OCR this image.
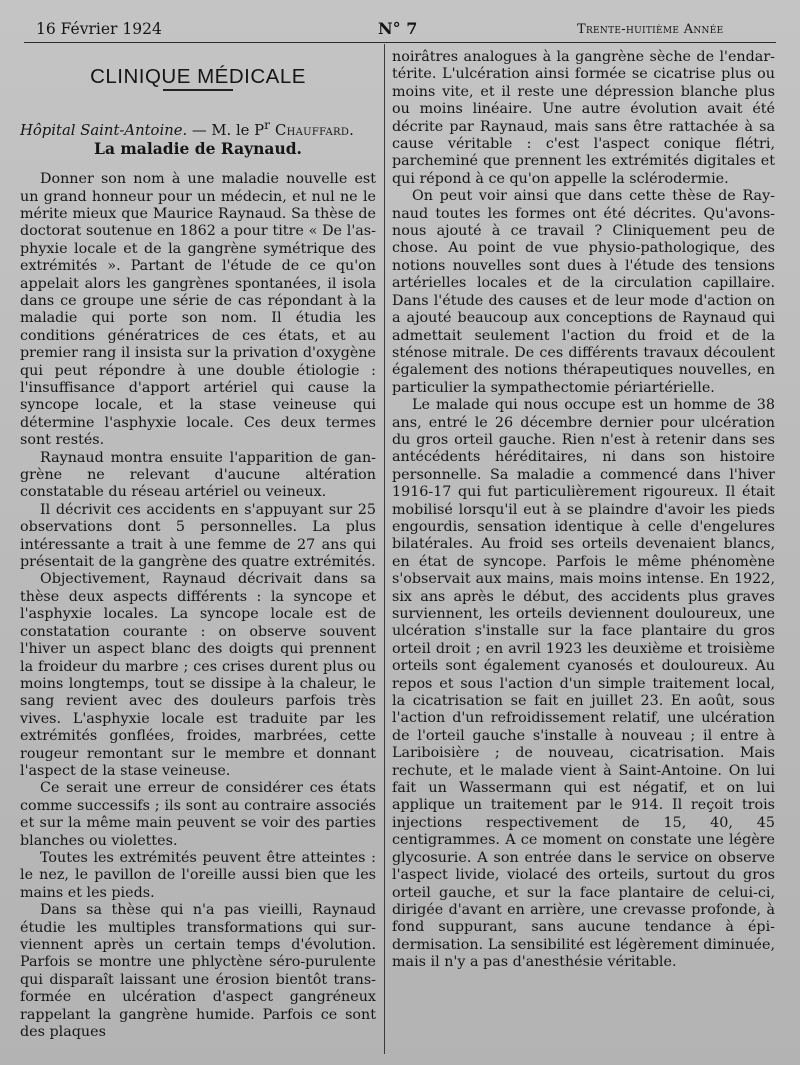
16 Février 1924	N° 7	Trente-huitième Année
CLINIQUE MÉDICALE

Hôpital Saint-Antoine. — M. le $P^r$ Chauffard.

La maladie de Raynaud.

Donner son nom à une maladie nouvelle est un grand honneur pour un médecin, et nul ne le mérite mieux que Maurice Raynaud. Sa thèse de doctorat soutenue en 1862 a pour titre « De l'asphyxie locale et de la gangrène symétrique des extrémités ». Partant de l'étude de ce qu'on appelait alors les gangrènes spontanées, il isola dans ce groupe une série de cas répondant à la maladie qui porte son nom. Il étudia les conditions génératrices de ces états, et au premier rang il insista sur la privation d'oxygène qui peut répondre à une double étiologie : l'insuffisance d'apport artériel qui cause la syncope locale, et la stase veineuse qui détermine l'asphyxie locale. Ces deux termes sont restés.

Raynaud montra ensuite l'apparition de gangrène ne relevant d'aucune altération constatable du réseau artériel ou veineux.

Il décrivit ces accidents en s'appuyant sur 25 observations dont 5 personnelles. La plus intéressante a trait à une femme de 27 ans qui présentait de la gangrène des quatre extrémités.

Objectivement, Raynaud décrivait dans sa thèse deux aspects différents : la syncope et l'asphyxie locales. La syncope locale est de constatation courante : on observe souvent l'hiver un aspect blanc des doigts qui prennent la froideur du marbre ; ces crises durent plus ou moins longtemps, tout se dissipe à la chaleur, le sang revient avec des douleurs parfois très vives. L'asphyxie locale est traduite par les extrémités gonflées, froides, marbrées, cette rougeur remontant sur le membre et donnant l'aspect de la stase veineuse.

Ce serait une erreur de considérer ces états comme successifs ; ils sont au contraire associés et sur la même main peuvent se voir des parties blanches ou violettes.

Toutes les extrémités peuvent être atteintes : le nez, le pavillon de l'oreille aussi bien que les mains et les pieds.

Dans sa thèse qui n'a pas vieilli, Raynaud étudie les multiples transformations qui surviennent après un certain temps d'évolution. Parfois se montre une phlyctène séro-purulente qui disparaît laissant une érosion bientôt transformée en ulcération d'aspect gangréneux rappelant la gangrène humide. Parfois ce sont des plaques

noirâtres analogues à la gangrène sèche de l'endartérite. L'ulcération ainsi formée se cicatrise plus ou moins vite, et il reste une dépression blanche plus ou moins linéaire. Une autre évolution avait été décrite par Raynaud, mais sans être rattachée à sa cause véritable : c'est l'aspect conique flétri, parcheminé que prennent les extrémités digitales et qui répond à ce qu'on appelle la sclérodermie.

On peut voir ainsi que dans cette thèse de Raynaud toutes les formes ont été décrites. Qu'avons-nous ajouté à ce travail ? Cliniquement peu de chose. Au point de vue physio-pathologique, des notions nouvelles sont dues à l'étude des tensions artérielles locales et de la circulation capillaire. Dans l'étude des causes et de leur mode d'action on a ajouté beaucoup aux conceptions de Raynaud qui admettait seulement l'action du froid et de la sténose mitrale. De ces différents travaux découlent également des notions thérapeutiques nouvelles, en particulier la sympathectomie périartérielle.

Le malade qui nous occupe est un homme de 38 ans, entré le 26 décembre dernier pour ulcération du gros orteil gauche. Rien n'est à retenir dans ses antécédents héréditaires, ni dans son histoire personnelle. Sa maladie a commencé dans l'hiver 1916-17 qui fut particulièrement rigoureux. Il était mobilisé lorsqu'il eut à se plaindre d'avoir les pieds engourdis, sensation identique à celle d'engelures bilatérales. Au froid ses orteils devenaient blancs, en état de syncope. Parfois le même phénomène s'observait aux mains, mais moins intense. En 1922, six ans après le début, des accidents plus graves surviennent, les orteils deviennent douloureux, une ulcération s'installe sur la face plantaire du gros orteil droit ; en avril 1923 les deuxième et troisième orteils sont également cyanosés et douloureux. Au repos et sous l'action d'un simple traitement local, la cicatrisation se fait en juillet 23. En août, sous l'action d'un refroidissement relatif, une ulcération de l'orteil gauche s'installe à nouveau ; il entre à Lariboisière ; de nouveau, cicatrisation. Mais rechute, et le malade vient à Saint-Antoine. On lui fait un Wassermann qui est négatif, et on lui applique un traitement par le 914. Il reçoit trois injections respectivement de 15, 40, 45 centigrammes. A ce moment on constate une légère glycosurie. A son entrée dans le service on observe l'aspect livide, violacé des orteils, surtout du gros orteil gauche, et sur la face plantaire de celui-ci, dirigée d'avant en arrière, une crevasse profonde, à fond suppurant, sans aucune tendance à épidermisation. La sensibilité est légèrement diminuée, mais il n'y a pas d'anesthésie véritable.
